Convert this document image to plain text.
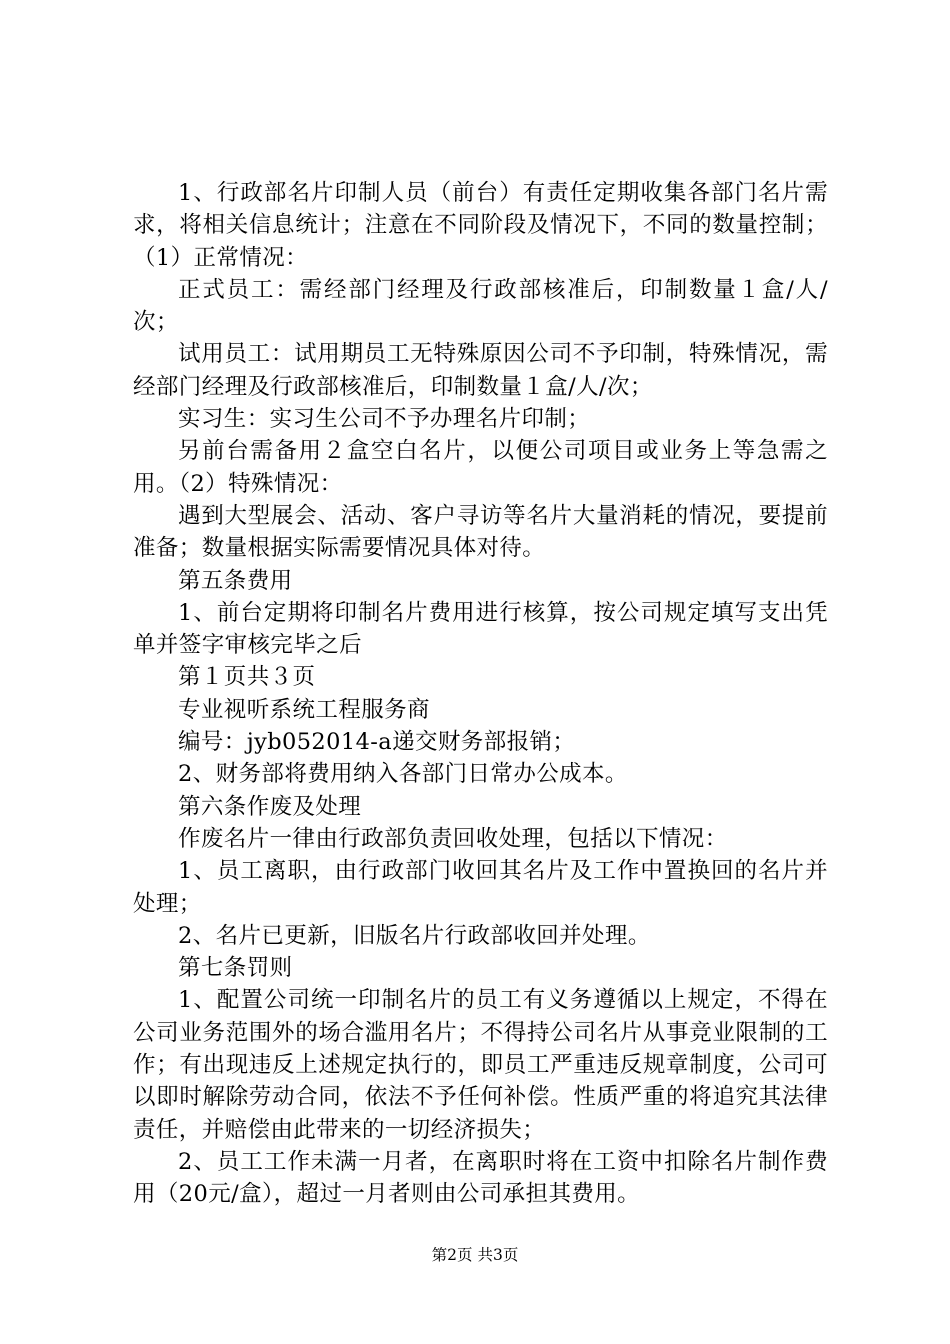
1、行政部名片印制人员（前台）有责任定期收集各部门名片需求，将相关信息统计；注意在不同阶段及情况下，不同的数量控制；（1）正常情况：

正式员工：需经部门经理及行政部核准后，印制数量１盒/人/次；

试用员工：试用期员工无特殊原因公司不予印制，特殊情况，需经部门经理及行政部核准后，印制数量１盒/人/次；

实习生：实习生公司不予办理名片印制；

另前台需备用２盒空白名片，以便公司项目或业务上等急需之用。（2）特殊情况：

遇到大型展会、活动、客户寻访等名片大量消耗的情况，要提前准备；数量根据实际需要情况具体对待。

第五条费用

1、前台定期将印制名片费用进行核算，按公司规定填写支出凭单并签字审核完毕之后

第１页共３页

专业视听系统工程服务商

编号：jyb052014-a递交财务部报销；

2、财务部将费用纳入各部门日常办公成本。

第六条作废及处理

作废名片一律由行政部负责回收处理，包括以下情况：

1、员工离职，由行政部门收回其名片及工作中置换回的名片并处理；

2、名片已更新，旧版名片行政部收回并处理。

第七条罚则

1、配置公司统一印制名片的员工有义务遵循以上规定，不得在公司业务范围外的场合滥用名片；不得持公司名片从事竞业限制的工作；有出现违反上述规定执行的，即员工严重违反规章制度，公司可以即时解除劳动合同，依法不予任何补偿。性质严重的将追究其法律责任，并赔偿由此带来的一切经济损失；

2、员工工作未满一月者，在离职时将在工资中扣除名片制作费用（20元/盒），超过一月者则由公司承担其费用。

第2页 共3页
